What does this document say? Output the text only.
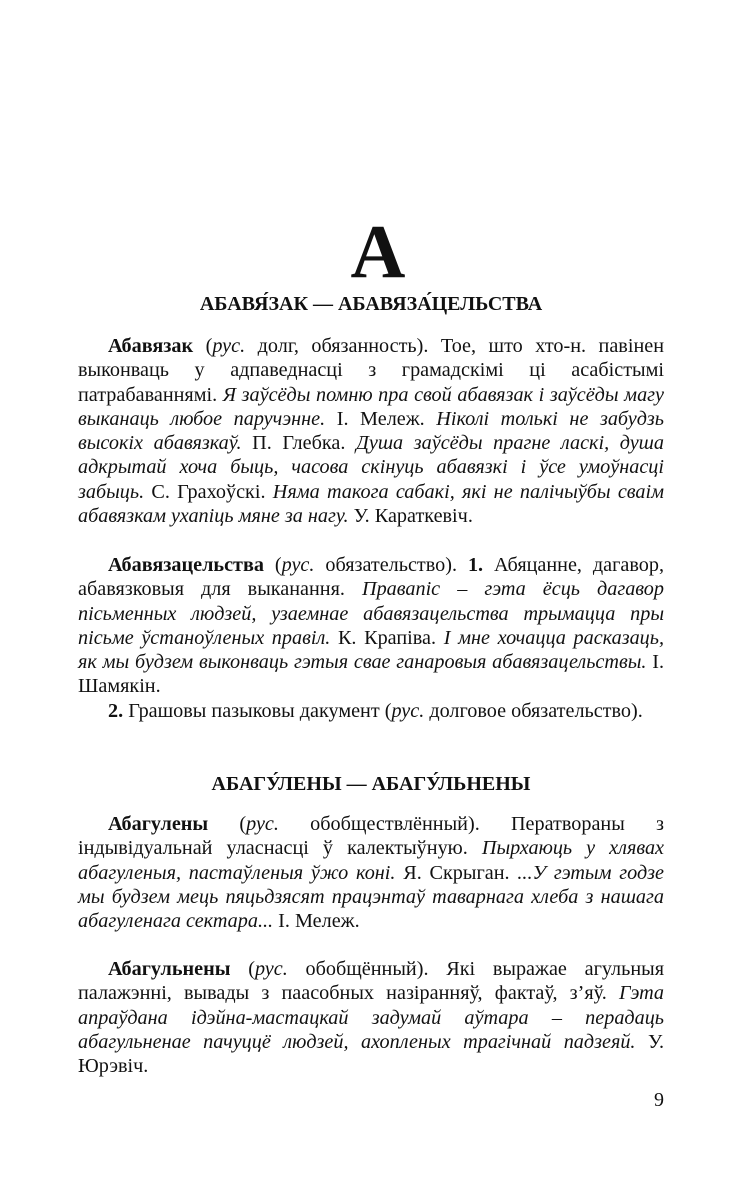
А
АБАВЯ́ЗАК — АБАВЯЗА́ЦЕЛЬСТВА

Абавязак (рус. долг, обязанность). Тое, што хто-н. павінен выконваць у адпаведнасці з грамадскімі ці асабістымі патрабаваннямі. Я заўсёды помню пра свой абавязак і заўсёды магу выканаць любое паручэнне. І. Мележ. Ніколі толькі не забудзь высокіх абавязкаў. П. Глебка. Душа заўсёды прагне ласкі, душа адкрытай хоча быць, часова скінуць абавязкі і ўсе умоўнасці забыць. С. Грахоўскі. Няма такога сабакі, які не палічыўбы сваім абавязкам ухапіць мяне за нагу. У. Караткевіч.

Абавязацельства (рус. обязательство). 1. Абяцанне, дагавор, абавязковыя для выканання. Правапіс – гэта ёсць дагавор пісьменных людзей, узаемнае абавязацельства трымацца пры пісьме ўстаноўленых правіл. К. Крапіва. І мне хочацца расказаць, як мы будзем выконваць гэтыя свае ганаровыя абавязацельствы. І. Шамякін.

2. Грашовы пазыковы дакумент (рус. долговое обязательство).

АБАГУ́ЛЕНЫ — АБАГУ́ЛЬНЕНЫ

Абагулены (рус. обобществлённый). Ператвораны з індывідуальнай уласнасці ў калектыўную. Пырхаюць у хлявах абагуленыя, пастаўленыя ўжо коні. Я. Скрыган. ...У гэтым годзе мы будзем мець пяцьдзясят працэнтаў таварнага хлеба з нашага абагуленага сектара... І. Мележ.

Абагульнены (рус. обобщённый). Які выражае агульныя палажэнні, вывады з паасобных назіранняў, фактаў, з’яў. Гэта апраўдана ідэйна-мастацкай задумай аўтара – перадаць абагульненае пачуццё людзей, ахопленых трагічнай падзеяй. У. Юрэвіч.

9
